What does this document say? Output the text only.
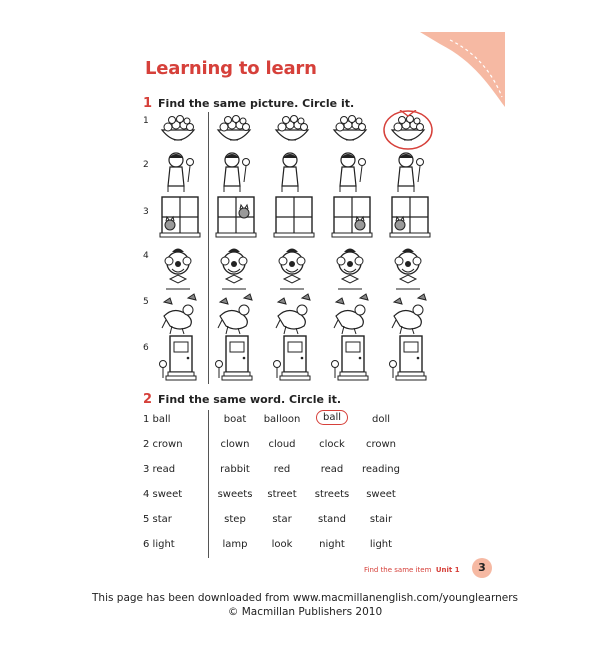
Learning to learn
1 Find the same picture. Circle it.
1
2
3
4
5
6
2 Find the same word. Circle it.
1 ball	boat	balloon	ball	doll
2 crown	clown	cloud	clock	crown
3 read	rabbit	red	read	reading
4 sweet	sweets	street	streets	sweet
5 star	step	star	stand	stair
6 light	lamp	look	night	light
Find the same item Unit 1	3
This page has been downloaded from www.macmillanenglish.com/younglearners
© Macmillan Publishers 2010
